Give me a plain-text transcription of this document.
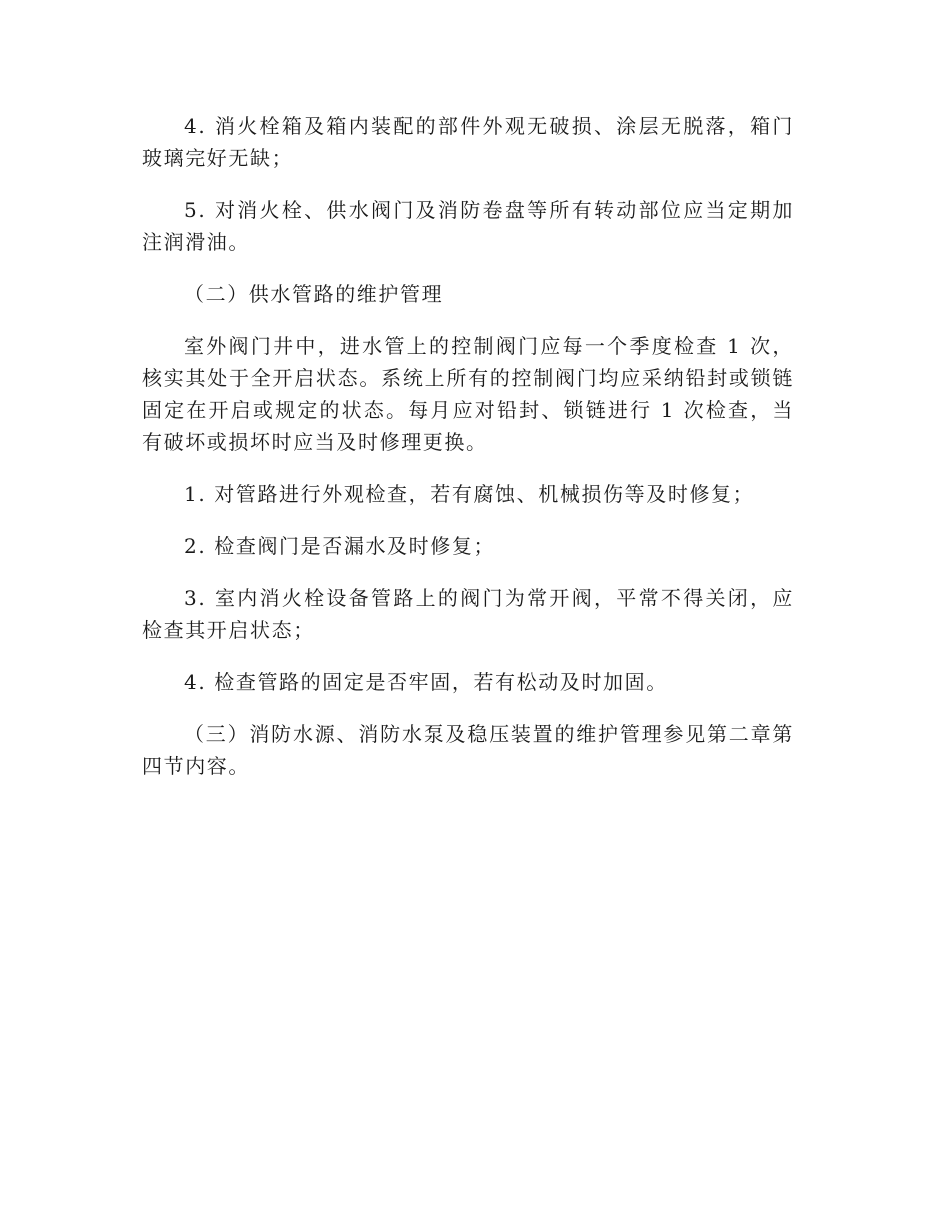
4. 消火栓箱及箱内装配的部件外观无破损、涂层无脱落，箱门玻璃完好无缺；

5. 对消火栓、供水阀门及消防卷盘等所有转动部位应当定期加注润滑油。

（二）供水管路的维护管理

室外阀门井中，进水管上的控制阀门应每一个季度检查 1 次，核实其处于全开启状态。系统上所有的控制阀门均应采纳铅封或锁链固定在开启或规定的状态。每月应对铅封、锁链进行 1 次检查，当有破坏或损坏时应当及时修理更换。

1. 对管路进行外观检查，若有腐蚀、机械损伤等及时修复；

2. 检查阀门是否漏水及时修复；

3. 室内消火栓设备管路上的阀门为常开阀，平常不得关闭，应检查其开启状态；

4. 检查管路的固定是否牢固，若有松动及时加固。

（三）消防水源、消防水泵及稳压装置的维护管理参见第二章第四节内容。
